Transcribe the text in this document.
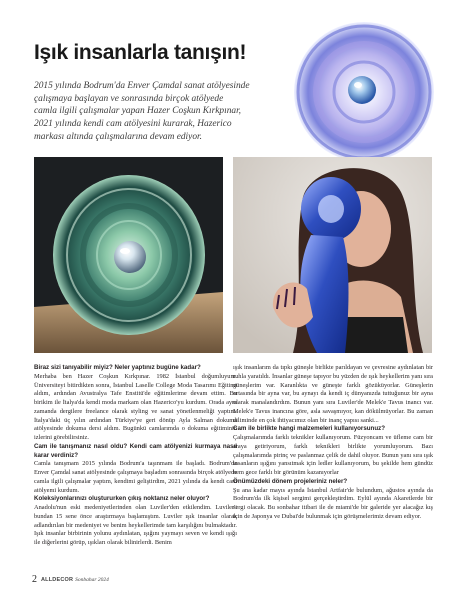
Işık insanlarla tanışın!
2015 yılında Bodrum'da Enver Çamdal sanat atölyesinde
çalışmaya başlayan ve sonrasında birçok atölyede
camla ilgili çalışmalar yapan Hazer Coşkun Kırkpınar,
2021 yılında kendi cam atölyesini kurarak, Hazerico
markası altında çalışmalarına devam ediyor.

Biraz sizi tanıyabilir miyiz? Neler yaptınız bugüne kadar?

Merhaba ben Hazer Coşkun Kırkpınar. 1982 İstanbul doğumluyum. Üniversiteyi bitirdikten sonra, İstanbul Laselle College Moda Tasarımı Eğitimi aldım, ardından Avustralya Tafe Enstitü'de eğitimlerime devam ettim. Bu birikim ile İtalya'da kendi moda markam olan Hazerico'yu kurdum. Orada aynı zamanda dergilere freelance olarak styling ve sanat yönetlenmeliği yaptım. İtalya'daki üç yılın ardından Türkiye'ye geri dönüp Ayla Salman dokuma atölyesinde dokuma dersi aldım. Bugünkü camlarımda o dokuma eğitiminin izlerini görebilirsiniz.

Cam ile tanışmanız nasıl oldu? Kendi cam atölyenizi kurmaya nasıl karar verdiniz?

Camla tanışmam 2015 yılında Bodrum'a taşınmam ile başladı. Bodrum'da Enver Çamdal sanat atölyesinde çalışmaya başladım sonrasında birçok atölyede camla ilgili çalışmalar yaptım, kendimi geliştirdim, 2021 yılında da kendi cam atölyemi kurdum.

Koleksiyonlarınızı oluştururken çıkış noktanız neler oluyor?

Anadolu'nun eski medeniyetlerinden olan Luviler'den etkilendim. Luviler'i bundan 15 sene önce araştırmaya başlamıştım. Luviler ışık insanlar olarak adlandırılan bir medeniyet ve benim heykellerimde tam karşılığını bulmaktadır. Işık insanlar birbirinin yolunu aydınlatan, ışığını yaymayı seven ve kendi ışığı ile diğerlerini görüp, ışıkları olarak bilinirlerdi. Benim

ışık insanlarım da tıpkı güneşle birlikte parıldayan ve çevresine aydınlatan bir ruhla yaratıldı. İnsanlar güneşe tapıyor bu yüzden de ışık heykellerim yanı sıra güneşlerim var. Karanlıkta ve güneşte farklı gözüküyorlar. Güneşlerin ortasında bir ayna var, bu aynayı da kendi iç dünyanızda tuttuğunuz bir ayna olarak manalandırdım. Bunun yanı sıra Luviler'de Melek'e Tavus inancı var. Melek'e Tavus inancına göre, asla savaşmıyor, kan dökülmüyorlar. Bu zaman diliminde en çok ihtiyacımız olan bir inanç yapısı sanki...

Cam ile birlikte hangi malzemeleri kullanıyorsunuz?

Çalışmalarımda farklı teknikler kullanıyorum. Füzyoncam ve üfleme cam bir araya getiriyorum, farklı teknikleri birlikte yorumluyorum. Bazı çalışmalarımda pirinç ve paslanmaz çelik de dahil oluyor. Bunun yanı sıra ışık insanların ışığını yansıtmak için ledler kullanıyorum, bu şekilde hem gündüz hem gece farklı bir görünüm kazanıyorlar

Önümüzdeki dönem projeleriniz neler?

Şu ana kadar mayıs ayında İstanbul Artfair'de bulundum, ağustos ayında da Bodrum'da ilk kişisel sergimi gerçekleştirdim. Eylül ayında Akaretlerde bir sergi olacak. Bu sonbahar itibari ile de miami'de bir galeride yer alacağız kış için de Japonya ve Dubai'de bulunmak için görüşmelerimiz devam ediyor.

2 ALLDECOR Sonbahar 2024
